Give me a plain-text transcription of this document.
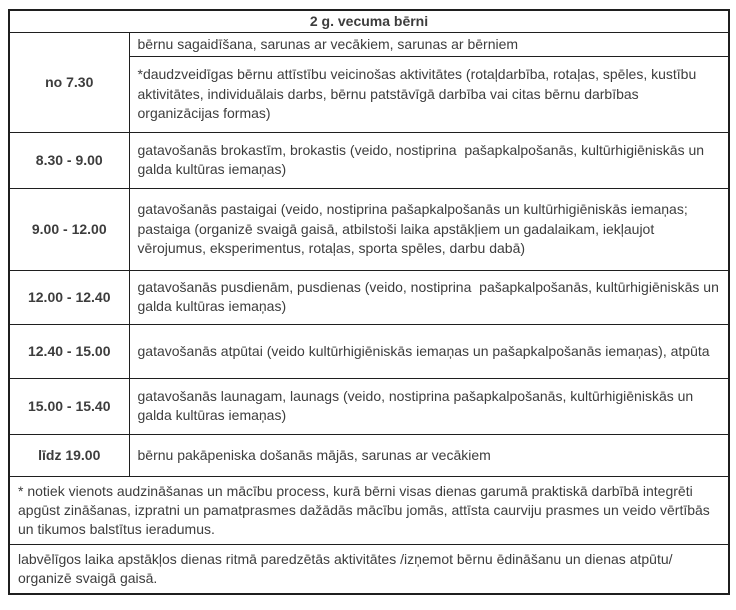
2 g. vecuma bērni	
no 7.30	bērnu sagaidīšana, sarunas ar vecākiem, sarunas ar bērniem
	*daudzveidīgas bērnu attīstību veicinošas aktivitātes (rotaļdarbība, rotaļas, spēles, kustību aktivitātes, individuālais darbs, bērnu patstāvīgā darbība vai citas bērnu darbības organizācijas formas)
8.30 - 9.00	gatavošanās brokastīm, brokastis (veido, nostiprina  pašapkalpošanās, kultūrhigiēniskās un  galda kultūras iemaņas)
9.00 - 12.00	gatavošanās pastaigai (veido, nostiprina pašapkalpošanās un kultūrhigiēniskās iemaņas;          pastaiga (organizē svaigā gaisā, atbilstoši laika apstākļiem un gadalaikam, iekļaujot vērojumus, eksperimentus, rotaļas, sporta spēles, darbu dabā)
12.00 - 12.40	gatavošanās pusdienām, pusdienas (veido, nostiprina  pašapkalpošanās, kultūrhigiēniskās un  galda kultūras iemaņas)
12.40 - 15.00	gatavošanās atpūtai (veido kultūrhigiēniskās iemaņas un pašapkalpošanās iemaņas), atpūta
15.00 - 15.40	gatavošanās launagam, launags (veido, nostiprina pašapkalpošanās, kultūrhigiēniskās un galda kultūras iemaņas)
līdz 19.00	bērnu pakāpeniska došanās mājās, sarunas ar vecākiem
* notiek vienots audzināšanas un mācību process, kurā bērni visas dienas garumā praktiskā darbībā integrēti apgūst zināšanas, izpratni un pamatprasmes dažādās mācību jomās, attīsta caurviju prasmes un veido vērtībās un tikumos balstītus ieradumus.	
labvēlīgos laika apstākļos dienas ritmā paredzētās aktivitātes /izņemot bērnu ēdināšanu un dienas atpūtu/ organizē svaigā gaisā.	
